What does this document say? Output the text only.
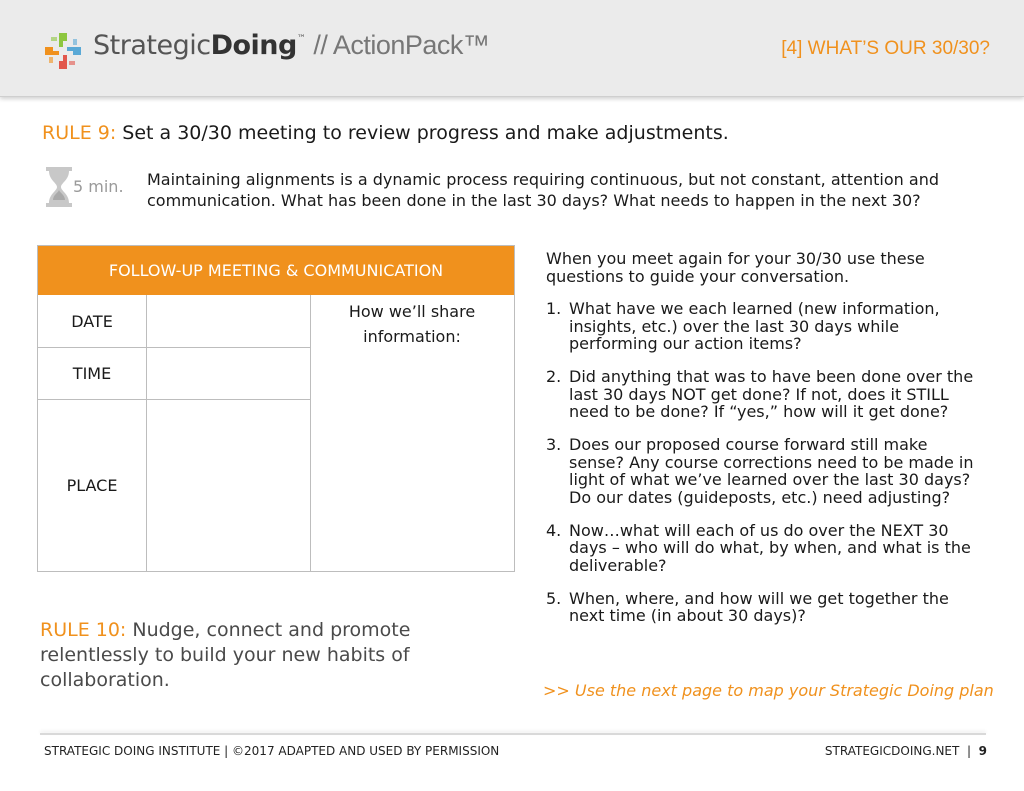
StrategicDoing™ // ActionPack™	[4] WHAT’S OUR 30/30?
RULE 9: Set a 30/30 meeting to review progress and make adjustments.
5 min. Maintaining alignments is a dynamic process requiring continuous, but not constant, attention and communication. What has been done in the last 30 days? What needs to happen in the next 30?
FOLLOW-UP MEETING & COMMUNICATION
DATE
TIME
PLACE
How we’ll share information:
RULE 10: Nudge, connect and promote relentlessly to build your new habits of collaboration.

When you meet again for your 30/30 use these questions to guide your conversation.

1. What have we each learned (new information, insights, etc.) over the last 30 days while performing our action items?
2. Did anything that was to have been done over the last 30 days NOT get done? If not, does it STILL need to be done? If “yes,” how will it get done?
3. Does our proposed course forward still make sense? Any course corrections need to be made in light of what we’ve learned over the last 30 days? Do our dates (guideposts, etc.) need adjusting?
4. Now…what will each of us do over the NEXT 30 days – who will do what, by when, and what is the deliverable?
5. When, where, and how will we get together the next time (in about 30 days)?
>> Use the next page to map your Strategic Doing plan
STRATEGIC DOING INSTITUTE | ©2017 ADAPTED AND USED BY PERMISSION	STRATEGICDOING.NET  |  9
